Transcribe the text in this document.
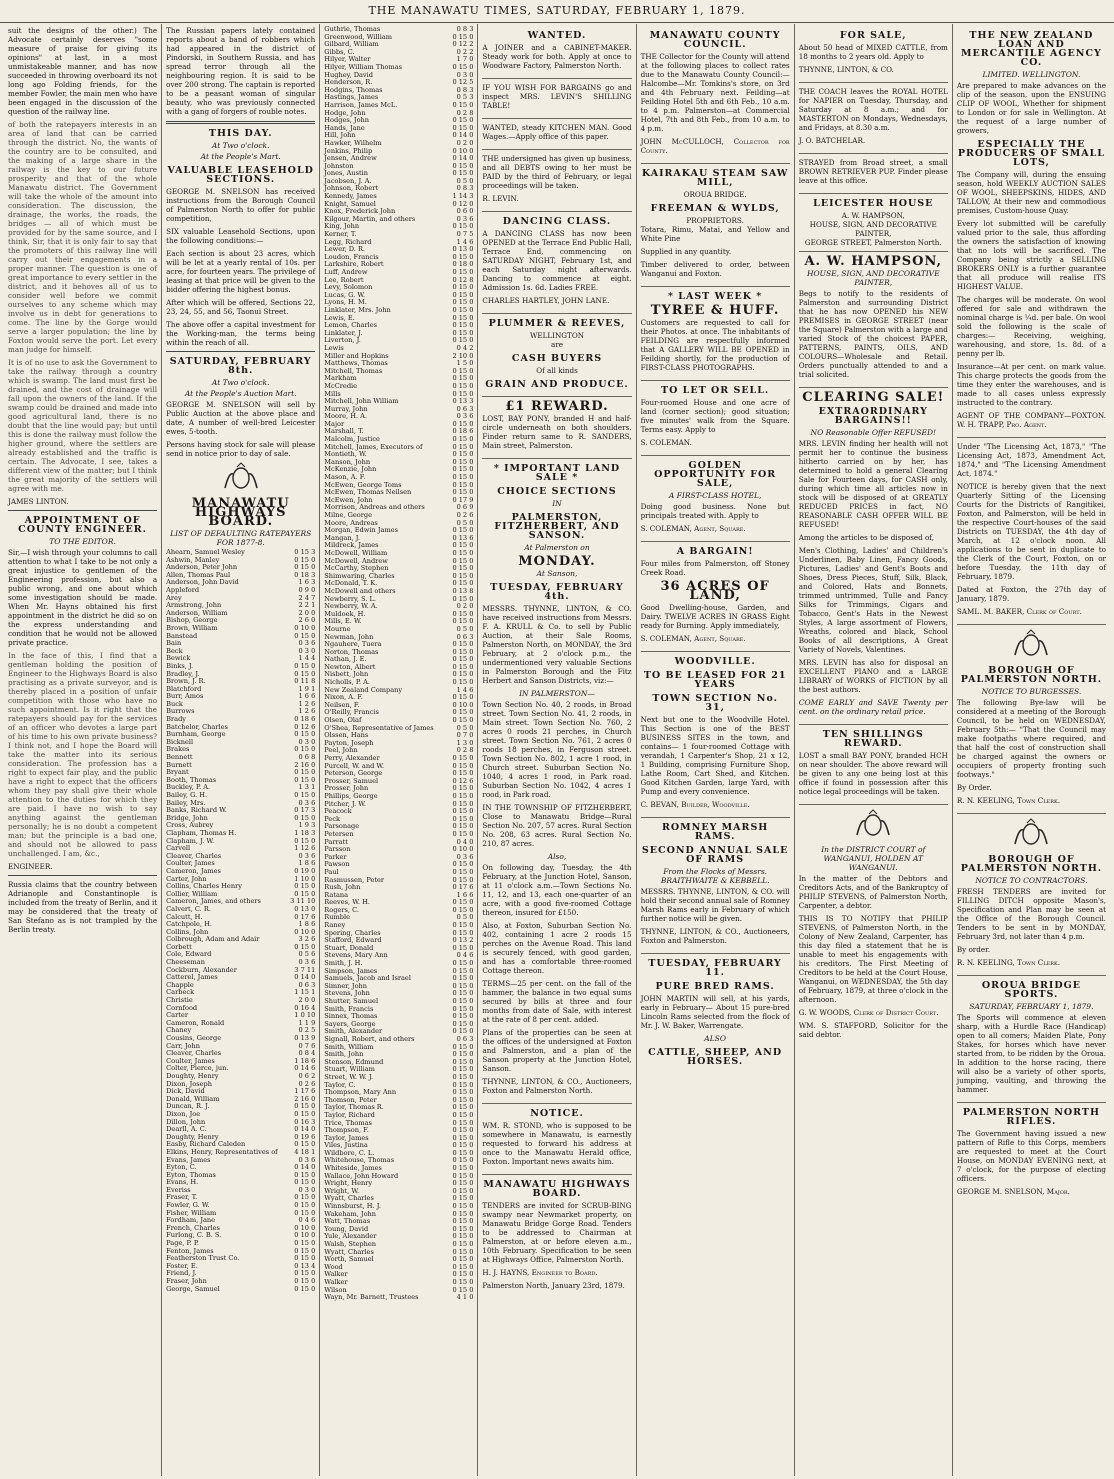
THE MANAWATU TIMES, SATURDAY, FEBRUARY 1, 1879.

suit the designs of the other.) The Advocate certainly deserves "some measure of praise for giving its opinions" at last, in a most unmistakeable manner, and has now succeeded in throwing overboard its not long ago Folding friends, for the member Fowler, the main men who have been engaged in the discussion of the question of the railway line.

of both the ratepayers interests in an area of land that can be carried through the district. No, the wants of the country are to be consulted, and the making of a large share in the railway is the key to our future prosperity and that of the whole Manawatu district. The Government will take the whole of the amount into consideration. The discussion, the drainage, the works, the roads, the bridges — all of which must be provided for by the same source, and I think, Sir, that it is only fair to say that the promoters of this railway line will carry out their engagements in a proper manner. The question is one of great importance to every settler in the district, and it behoves all of us to consider well before we commit ourselves to any scheme which may involve us in debt for generations to come. The line by the Gorge would serve a larger population; the line by Foxton would serve the port. Let every man judge for himself.

It is of no use to ask the Government to take the railway through a country which is swamp. The land must first be drained, and the cost of drainage will fall upon the owners of the land. If the swamp could be drained and made into good agricultural land, there is no doubt that the line would pay; but until this is done the railway must follow the higher ground, where the settlers are already established and the traffic is certain. The Advocate, I see, takes a different view of the matter; but I think the great majority of the settlers will agree with me.

JAMES LINTON.

APPOINTMENT OF COUNTY ENGINEER.
TO THE EDITOR.

Sir,—I wish through your columns to call attention to what I take to be not only a great injustice to gentlemen of the Engineering profession, but also a public wrong, and one about which some investigation should be made. When Mr. Hayns obtained his first appointment in the district he did so on the express understanding and condition that he would not be allowed private practice.

In the face of this, I find that a gentleman holding the position of Engineer to the Highways Board is also practising as a private surveyor, and is thereby placed in a position of unfair competition with those who have no such appointment. Is it right that the ratepayers should pay for the services of an officer who devotes a large part of his time to his own private business? I think not, and I hope the Board will take the matter into its serious consideration. The profession has a right to expect fair play, and the public have a right to expect that the officers whom they pay shall give their whole attention to the duties for which they are paid. I have no wish to say anything against the gentleman personally; he is no doubt a competent man; but the principle is a bad one, and should not be allowed to pass unchallenged. I am, &c.,

ENGINEER.

Russia claims that the country between Adrianople and Constantinople is included from the treaty of Berlin, and it may be considered that the treaty of San Stefano as is not trampled by the Berlin treaty.

The Russian papers lately contained reports about a band of robbers which had appeared in the district of Pindorski, in Southern Russia, and has spread terror through all the neighbouring region. It is said to be over 200 strong. The captain is reported to be a peasant woman of singular beauty, who was previously connected with a gang of forgers of rouble notes.

THIS DAY.
At Two o'clock.
At the People's Mart.
VALUABLE LEASEHOLD SECTIONS.

GEORGE M. SNELSON has received instructions from the Borough Council of Palmerston North to offer for public competition,

SIX valuable Leasehold Sections, upon the following conditions:—

Each section is about 23 acres, which will be let at a yearly rental of 10s. per acre, for fourteen years. The privilege of leasing at that price will be given to the bidder offering the highest bonus.

After which will be offered, Sections 22, 23, 24, 55, and 56, Taonui Street.

The above offer a capital investment for the Working-man, the terms being within the reach of all.

SATURDAY, FEBRUARY 8th.
At Two o'clock.
At the People's Auction Mart.

GEORGE M. SNELSON will sell by Public Auction at the above place and date, A number of well-bred Leicester ewes, 5-tooth.

Persons having stock for sale will please send in notice prior to day of sale.

MANAWATU HIGHWAYS BOARD.
LIST OF DEFAULTING RATEPAYERS FOR 1877-8.
Ahearn, Samuel Wesley	0 15 3
Ashwin, Manley	0 15 0
Anderson, Peter John	0 15 0
Allen, Thomas Paul	0 18 3
Anderson, John David	1 6 3
Appleford	0 9 0
Arey	2 4 7
Armstrong, John	2 2 1
Anderson, William	2 0 0
Bishop, George	2 6 0
Brown, William	0 10 0
Banstead	0 15 0
Bain	0 3 6
Beck	0 3 0
Bewick	1 4 4
Binks, J.	0 15 0
Bradley, J.	0 15 0
Brown, J. R.	0 11 8
Blatchford	1 9 1
Burr, Amos	1 6 6
Buck	1 2 6
Burrows	1 2 6
Brady	0 18 6
Batchelor, Charles	0 12 6
Burnham, George	0 15 0
Bicknell	0 3 0
Brakes	0 15 0
Bennett	0 6 8
Burnett	2 16 0
Bryant	0 15 0
Booth, Thomas	0 15 0
Buckley, P. A.	1 3 1
Bailey, G. H.	0 15 0
Bailey, Mrs.	0 3 6
Banks, Richard W.	0 17 3
Bridge, John	0 15 0
Cross, Aubrey	1 9 3
Clapham, Thomas H.	1 18 3
Clapham, J. W.	0 15 0
Carvell	1 12 6
Cleaver, Charles	0 3 6
Coulter, James	1 8 6
Cameron, James	0 19 0
Carter, John	1 10 0
Collins, Charles Henry	0 15 0
Collier, William	0 15 0
Cameron, James, and others	3 11 10
Calvert, C. R.	0 13 0
Calcutt, H.	0 17 6
Catchpole, H.	1 8 6
Collins, John	0 10 0
Colbrough, Adam and Adair	3 2 6
Corbett	0 15 0
Cole, Edward	0 5 6
Cheeseman	0 3 6
Cockburn, Alexander	3 7 11
Catterel, James	0 14 0
Chapple	0 6 3
Carbeck	1 15 1
Christie	2 0 0
Cornfood	0 16 4
Carter	1 0 10
Cameron, Ronald	1 1 9
Chaney	0 2 5
Cousins, George	0 13 9
Carr, John	0 7 6
Cleaver, Charles	0 8 4
Coulter, James	1 18 6
Colter, Pierce, jun.	0 14 6
Doughty, Henry	0 6 2
Dixon, Joseph	0 2 6
Dick, David	1 17 6
Donald, William	2 16 0
Duncan, R. J.	0 15 0
Dixon, Joe	0 15 0
Dillon, John	0 16 3
Dearll, A. C.	0 14 0
Doughty, Henry	0 19 6
Easby, Richard Caleden	0 15 0
Elkins, Henry, Representatives of	4 18 1
Evans, James	0 3 6
Eyton, C.	0 14 0
Eyton, Thomas	0 15 0
Evans, H.	0 15 0
Everiss	0 3 0
Fraser, T.	0 15 0
Fowler, G. W.	0 15 0
Fisher, William	0 15 0
Fordham, Jane	0 4 6
French, Charles	0 10 0
Furlong, C. B. S.	0 10 0
Page, P. P.	0 15 0
Fenton, James	0 15 0
Featherston Trust Co.	0 15 0
Foster, E.	0 13 4
Friend, J.	0 15 0
Fraser, John	0 15 0
George, Samuel	0 15 0
Guthrie, Thomas	0 8 3
Greenwood, William	0 15 0
Gilbard, William	0 12 2
Gibbs, C.	0 2 2
Hilyer, Walter	1 7 0
Hilyer, William Thomas	0 15 0
Hughey, David	0 3 0
Henderson, R.	0 12 5
Hodgins, Thomas	0 8 3
Hastings, James	0 5 3
Harrison, James McL.	0 15 0
Hodge, John	0 2 8
Hodges, John	0 15 0
Hands, Jane	0 15 0
Hill, John	0 14 0
Hawker, Wilhelm	0 2 0
Jenkins, Philip	0 10 0
Jensen, Andrew	0 14 0
Johnston	0 15 0
Jones, Austin	0 15 0
Jacobsen, J. A.	0 5 0
Johnson, Robert	0 8 3
Kennedy, James	1 14 3
Knight, Samuel	0 12 0
Knox, Frederick John	0 6 0
Kilgour, Martin, and others	0 3 6
King, John	0 15 0
Kerner, T.	0 7 5
Legg, Richard	1 4 6
Lewer, D. R.	0 13 0
Loudon, Francis	0 15 0
Larkshire, Robert	0 18 0
Luff, Andrew	0 15 0
Lee, Robert	0 12 8
Levy, Solomon	0 15 0
Lucas, G. W.	0 15 0
Lyons, H. M.	0 15 0
Linklater, Mrs. John	0 15 0
Lewis, E.	0 15 0
Lemon, Charles	0 15 0
Linklater, J.	0 15 0
Liverton, J.	0 15 0
Lewis	0 4 2
Miller and Hopkins	2 10 0
Matthews, Thomas	1 5 0
Mitchell, Thomas	0 15 0
Markham	0 15 0
McCredie	0 15 0
Mills	0 15 0
Mitchell, John William	0 13 3
Murray, John	0 6 3
Moore, H. A.	0 3 6
Major	0 15 0
Marshall, T.	0 18 6
Malcolm, Justice	0 15 0
Mitchell, James, Executors of	0 15 0
Montieth, W.	0 15 0
Manson, John	0 15 0
McKenzie, John	0 15 0
Mason, A. F.	0 15 0
McEwen, George Toms	0 15 0
McEwen, Thomas Neilsen	0 15 0
McEwen, John	0 17 9
Morrison, Andreas and others	0 6 9
Milne, George	0 2 6
Moore, Andreas	0 5 0
Morgan, Edwin James	0 15 0
Mangan, J.	0 13 6
Mildreck, James	0 15 0
McDowell, William	0 15 0
McDowell, Andrew	0 15 0
McCarthy, Stephen	0 15 0
Shimwaring, Charles	0 15 0
McDonald, T. K.	0 15 0
McDowell and others	0 13 8
Newberry, S. L.	0 15 0
Newberry, W. A.	0 2 0
Muldoek, H.	0 15 0
Mills, E. W.	0 15 0
Mourne	0 5 0
Newman, John	0 6 3
Ngauhere, Tuera	0 15 0
Norton, Thomas	0 15 0
Nathan, J. E.	0 15 0
Newton, Albert	0 15 0
Nisbett, John	0 15 0
Nicholls, P. A.	0 15 0
New Zealand Company	1 4 6
Nixon, A. F.	0 15 0
Neilsen, F.	0 10 0
O'Reilly, Francis	0 15 0
Olsen, Olaf	0 15 0
O'Shea, Representative of James	0 5 0
Olssen, Hans	0 7 0
Payton, Joseph	1 3 0
Peel, John	0 2 8
Perry, Alexander	0 15 0
Purcell, W. and W.	0 15 0
Peterson, George	0 15 0
Prosser, Samuel	0 12 6
Prosser, John	0 15 0
Phillips, George	0 15 0
Pitcher, J. W.	0 15 0
Peacock	0 15 0
Peck	0 15 0
Parsonage	0 15 0
Petersen	0 15 0
Parratt	0 4 0
Parsson	0 10 0
Parker	0 3 6
Pawson	0 15 0
Paul	0 15 0
Rasmussen, Peter	0 15 0
Rush, John	0 17 6
Ratana	1 6 6
Reeves, W. H.	0 15 0
Rogers, C.	0 15 0
Rumble	0 5 0
Raney	0 15 0
Spering, Charles	0 15 0
Stafford, Edward	0 13 2
Stuart, Donald	0 15 0
Stevens, Mary Ann	0 4 6
Smith, J. H.	0 15 0
Simpson, James	0 15 0
Samuels, Jacob and Israel	0 15 0
Simner, John	0 15 0
Stevens, John	0 15 0
Shutter, Samuel	0 15 0
Smith, Francis	0 15 0
Sinnex, Thomas	0 15 0
Sayers, George	0 15 0
Smith, Alexander	0 15 0
Signall, Robert, and others	0 6 3
Smith, William	0 15 0
Smith, John	0 15 0
Stenson, Edmund	0 15 0
Stuart, William	0 15 0
Street, W. W. J.	0 15 0
Taylor, C.	0 15 0
Thompson, Mary Ann	0 15 0
Thomson, Peter	0 15 0
Taylor, Thomas R.	0 15 0
Taylor, Richard	0 15 0
Trice, Thomas	0 15 0
Thompson, F.	0 15 0
Taylor, James	0 15 0
Viles, Justina	0 15 0
Wildbore, C. L.	0 15 0
Whitehouse, Thomas	0 15 0
Whiteside, James	0 15 0
Wallace, John Howard	0 15 0
Wright, Henry	0 15 0
Wright, W.	0 15 0
Wyatt, Charles	0 15 0
Winnsburst, H. J.	0 15 0
Wakeham, John	0 15 0
Watt, Thomas	0 15 0
Young, David	0 15 0
Yule, Alexander	0 15 0
Walsh, Stephen	0 15 0
Wyatt, Charles	0 15 0
Worth, Samuel	0 15 0
Wood	0 15 0
Walker	0 15 0
Walker	0 15 0
Wilson	0 15 0
Wayn, Mr. Barnett, Trustees	4 1 0
WANTED.

A JOINER and a CABINET-MAKER. Steady work for both. Apply at once to Woodware Factory, Palmerston North.

IF YOU WISH FOR BARGAINS go and inspect MRS. LEVIN'S SHILLING TABLE!

WANTED, steady KITCHEN MAN. Good Wages.—Apply office of this paper.

THE undersigned has given up business, and all DEBTS owing to her must be PAID by the third of February, or legal proceedings will be taken.

R. LEVIN.

DANCING CLASS.

A DANCING CLASS has now been OPENED at the Terrace End Public Hall, Terrace End, commencing on SATURDAY NIGHT, February 1st, and each Saturday night afterwards. Dancing to commence at eight. Admission 1s. 6d. Ladies FREE.

CHARLES HARTLEY, JOHN LANE.

PLUMMER & REEVES,
WELLINGTON
are
CASH BUYERS
Of all kinds
GRAIN AND PRODUCE.
£1 REWARD.

LOST, BAY PONY, branded H and half-circle underneath on both shoulders. Finder return same to R. SANDERS, Main street, Palmerston.

* IMPORTANT LAND SALE *
CHOICE SECTIONS
IN
PALMERSTON, FITZHERBERT, AND SANSON.
At Palmerston on
MONDAY.
At Sanson,
TUESDAY, FEBRUARY 4th.

MESSRS. THYNNE, LINTON, & CO. have received instructions from Messrs. F. A. KRULL & Co. to sell by Public Auction, at their Sale Rooms, Palmerston North, on MONDAY, the 3rd February, at 2 o'clock p.m., the undermentioned very valuable Sections in Palmerston Borough and the Fitz Herbert and Sanson Districts, viz:—

IN PALMERSTON—

Town Section No. 40, 2 roods, in Broad street. Town Section No. 41, 2 roods, in Main street. Town Section No. 760, 2 acres 0 roods 21 perches, in Church street. Town Section No. 761, 2 acres 0 roods 18 perches, in Ferguson street. Town Section No. 802, 1 acre 1 rood, in Church street. Suburban Section No. 1040, 4 acres 1 rood, in Park road. Suburban Section No. 1042, 4 acres 1 rood, in Park road.

IN THE TOWNSHIP OF FITZHERBERT, Close to Manawatu Bridge—Rural Section No. 207, 57 acres. Rural Section No. 208, 63 acres. Rural Section No. 210, 87 acres.

Also,

On following day, Tuesday, the 4th February, at the Junction Hotel, Sanson, at 11 o'clock a.m.—Town Sections No. 11, 12, and 13, each one-quarter of an acre, with a good five-roomed Cottage thereon, insured for £150.

Also, at Foxton, Suburban Section No. 402, containing 1 acre 2 roods 15 perches on the Avenue Road. This land is securely fenced, with good garden, and has a comfortable three-roomed Cottage thereon.

TERMS—25 per cent. on the fall of the hammer, the balance in two equal sums secured by bills at three and four months from date of Sale, with interest at the rate of 8 per cent. added.

Plans of the properties can be seen at the offices of the undersigned at Foxton and Palmerston, and a plan of the Sanson property at the Junction Hotel, Sanson.

THYNNE, LINTON, & CO., Auctioneers, Foxton and Palmerston North.

NOTICE.

WM. R. STOND, who is supposed to be somewhere in Manawatu, is earnestly requested to forward his address at once to the Manawatu Herald office, Foxton. Important news awaits him.

MANAWATU HIGHWAYS BOARD.

TENDERS are invited for SCRUB-BING swampy near Newmarket property, on Manawatu Bridge Gorge Road. Tenders to be addressed to Chairman at Palmerston, at or before eleven a.m., 10th February. Specification to be seen at Highways Office, Palmerston North.

H. J. HAYNS, Engineer to Board.

Palmerston North, January 23rd, 1879.

MANAWATU COUNTY COUNCIL.

THE Collector for the County will attend at the following places to collect rates due to the Manawatu County Council:— Halcombe—Mr. Tomkins's store, on 3rd and 4th February next. Feilding—at Feilding Hotel 5th and 6th Feb., 10 a.m. to 4 p.m. Palmerston—at Commercial Hotel, 7th and 8th Feb., from 10 a.m. to 4 p.m.

JOHN McCULLOCH, Collector for County.

KAIRAKAU STEAM SAW MILL,
OROUA BRIDGE.
FREEMAN & WYLDS,
PROPRIETORS.

Totara, Rimu, Matai, and Yellow and White Pine

Supplied in any quantity.

Timber delivered to order, between Wanganui and Foxton.

* LAST WEEK *
TYREE & HUFF.

Customers are requested to call for their Photos. at once. The inhabitants of FEILDING are respectfully informed that A GALLERY WILL BE OPENED in Feilding shortly, for the production of FIRST-CLASS PHOTOGRAPHS.

TO LET OR SELL.

Four-roomed House and one acre of land (corner section); good situation; five minutes' walk from the Square. Terms easy. Apply to

S. COLEMAN.

GOLDEN OPPORTUNITY FOR SALE,
A FIRST-CLASS HOTEL,

Doing good business. None but principals treated with. Apply to

S. COLEMAN, Agent, Square.

A BARGAIN!

Four miles from Palmerston, off Stoney Creek Road.

36 ACRES OF LAND,

Good Dwelling-house, Garden, and Dairy. TWELVE ACRES IN GRASS Eight ready for Burning. Apply immediately,

S. COLEMAN, Agent, Square.

WOODVILLE.
TO BE LEASED FOR 21 YEARS
TOWN SECTION No. 31,

Next but one to the Woodville Hotel. This Section is one of the BEST BUSINESS SITES in the town, and contains— 1 four-roomed Cottage with verandah, 1 Carpenter's Shop, 21 x 12, 1 Building, comprising Furniture Shop, Lathe Room, Cart Shed, and Kitchen. Good Kitchen Garden, large Yard, with Pump and every convenience.

C. BEVAN, Builder, Woodville.

ROMNEY MARSH RAMS.
SECOND ANNUAL SALE OF RAMS
From the Flocks of Messrs. BRAITHWAITE & KEBBELL.

MESSRS. THYNNE, LINTON, & CO. will hold their second annual sale of Romney Marsh Rams early in February of which further notice will be given.

THYNNE, LINTON, & CO., Auctioneers, Foxton and Palmerston.

TUESDAY, FEBRUARY 11.
PURE BRED RAMS.

JOHN MARTIN will sell, at his yards, early in February— About 15 pure-bred Lincoln Rams selected from the flock of Mr. J. W. Baker, Warrengate.

ALSO
CATTLE, SHEEP, AND HORSES.
FOR SALE,

About 50 head of MIXED CATTLE, from 18 months to 2 years old. Apply to

THYNNE, LINTON, & CO.

THE COACH leaves the ROYAL HOTEL for NAPIER on Tuesday, Thursday, and Saturday at 8 a.m.; and for MASTERTON on Mondays, Wednesdays, and Fridays, at 8.30 a.m.

J. O. BATCHELAR.

STRAYED from Broad street, a small BROWN RETRIEVER PUP. Finder please leave at this office.

LEICESTER HOUSE
A. W. HAMPSON,
HOUSE, SIGN, AND DECORATIVE PAINTER,
GEORGE STREET, Palmerston North.
A. W. HAMPSON,
HOUSE, SIGN, AND DECORATIVE PAINTER,

Begs to notify to the residents of Palmerston and surrounding District that he has now OPENED his NEW PREMISES in GEORGE STREET (near the Square) Palmerston with a large and varied Stock of the choicest PAPER, PATTERNS, PAINTS, OILS, AND COLOURS—Wholesale and Retail. Orders punctually attended to and a trial solicited.

CLEARING SALE!
EXTRAORDINARY BARGAINS!!
NO Reasonable Offer REFUSED!

MRS. LEVIN finding her health will not permit her to continue the business hitherto carried on by her, has determined to hold a general Clearing Sale for Fourteen days, for CASH only, during which time all articles now in stock will be disposed of at GREATLY REDUCED PRICES in fact, NO REASONABLE CASH OFFER WILL BE REFUSED!

Among the articles to be disposed of,

Men's Clothing, Ladies' and Children's Underlinen, Baby Linen, Fancy Goods, Pictures, Ladies' and Gent's Boots and Shoes, Dress Pieces, Stuff, Silk, Black, and Colored, Hats and Bonnets, trimmed untrimmed, Tulle and Fancy Silks for Trimmings, Cigars and Tobacco, Gent's Hats in the Newest Styles, A large assortment of Flowers, Wreaths, colored and black, School Books of all descriptions, A Great Variety of Novels, Valentines.

MRS. LEVIN has also for disposal an EXCELLENT PIANO and a LARGE LIBRARY of WORKS of FICTION by all the best authors.

COME EARLY and SAVE Twenty per cent. on the ordinary retail price.

TEN SHILLINGS REWARD.

LOST a small BAY PONY, branded HCH on near shoulder. The above reward will be given to any one being lost at this office if found in possession after this notice legal proceedings will be taken.

In the DISTRICT COURT of WANGANUI, HOLDEN AT WANGANUI.

In the matter of the Debtors and Creditors Acts, and of the Bankruptcy of PHILIP STEVENS, of Palmerston North, Carpenter, a debtor.

THIS IS TO NOTIFY that PHILIP STEVENS, of Palmerston North, in the Colony of New Zealand, Carpenter, has this day filed a statement that he is unable to meet his engagements with his creditors. The First Meeting of Creditors to be held at the Court House, Wanganui, on WEDNESDAY, the 5th day of February, 1879, at three o'clock in the afternoon.

G. W. WOODS, Clerk of District Court.

WM. S. STAFFORD, Solicitor for the said debtor.

THE NEW ZEALAND LOAN AND MERCANTILE AGENCY CO.
LIMITED. WELLINGTON.

Are prepared to make advances on the clip of the season, upon the ENSUING CLIP OF WOOL, Whether for shipment to London or for sale in Wellington. At the request of a large number of growers,

ESPECIALLY THE PRODUCERS OF SMALL LOTS,

The Company will, during the ensuing season, hold WEEKLY AUCTION SALES OF WOOL, SHEEPSKINS, HIDES, AND TALLOW, At their new and commodious premises, Custom-house Quay.

Every lot submitted will be carefully valued prior to the sale, thus affording the owners the satisfaction of knowing that no lots will be sacrificed. The Company being strictly a SELLING BROKERS ONLY is a further guarantee that all produce will realise ITS HIGHEST VALUE.

The charges will be moderate. On wool offered for sale and withdrawn the nominal charge is ¼d. per bale. On wool sold the following is the scale of charges:— Receiving, weighing, warehousing, and store, 1s. 8d. of a penny per lb.

Insurance—At per cent. on mark value. This charge protects the goods from the time they enter the warehouses, and is made to all cases unless expressly instructed to the contrary.

AGENT OF THE COMPANY—FOXTON. W. H. TRAPP, Pro. Agent.

Under "The Licensing Act, 1873," "The Licensing Act, 1873, Amendment Act, 1874," and "The Licensing Amendment Act, 1874."

NOTICE is hereby given that the next Quarterly Sitting of the Licensing Courts for the Districts of Rangitikei, Foxton, and Palmerston, will be held in the respective Court-houses of the said Districts on TUESDAY, the 4th day of March, at 12 o'clock noon. All applications to be sent in duplicate to the Clerk of the Court, Foxton, on or before Tuesday, the 11th day of February, 1879.

Dated at Foxton, the 27th day of January, 1879.

SAML. M. BAKER, Clerk of Court.

BOROUGH OF PALMERSTON NORTH.
NOTICE TO BURGESSES.

The following Bye-law will be considered at a meeting of the Borough Council, to be held on WEDNESDAY, February 5th:— "That the Council may make footpaths where required, and that half the cost of construction shall be charged against the owners or occupiers of property fronting such footways."

By Order.

R. N. KEELING, Town Clerk.

BOROUGH OF PALMERSTON NORTH.
NOTICE TO CONTRACTORS.

FRESH TENDERS are invited for FILLING DITCH opposite Mason's, Specification and Plan may be seen at the Office of the Borough Council. Tenders to be sent in by MONDAY, February 3rd, not later than 4 p.m.

By order.

R. N. KEELING, Town Clerk.

OROUA BRIDGE SPORTS.
SATURDAY, FEBRUARY 1, 1879.

The Sports will commence at eleven sharp, with a Hurdle Race (Handicap) open to all comers; Maiden Plate, Pony Stakes, for horses which have never started from, to be ridden by the Oroua. In addition to the horse racing, there will also be a variety of other sports, jumping, vaulting, and throwing the hammer.

PALMERSTON NORTH RIFLES.

The Government having issued a new pattern of Rifle to this Corps, members are requested to meet at the Court House, on MONDAY EVENING next, at 7 o'clock, for the purpose of electing officers.

GEORGE M. SNELSON, Major.
